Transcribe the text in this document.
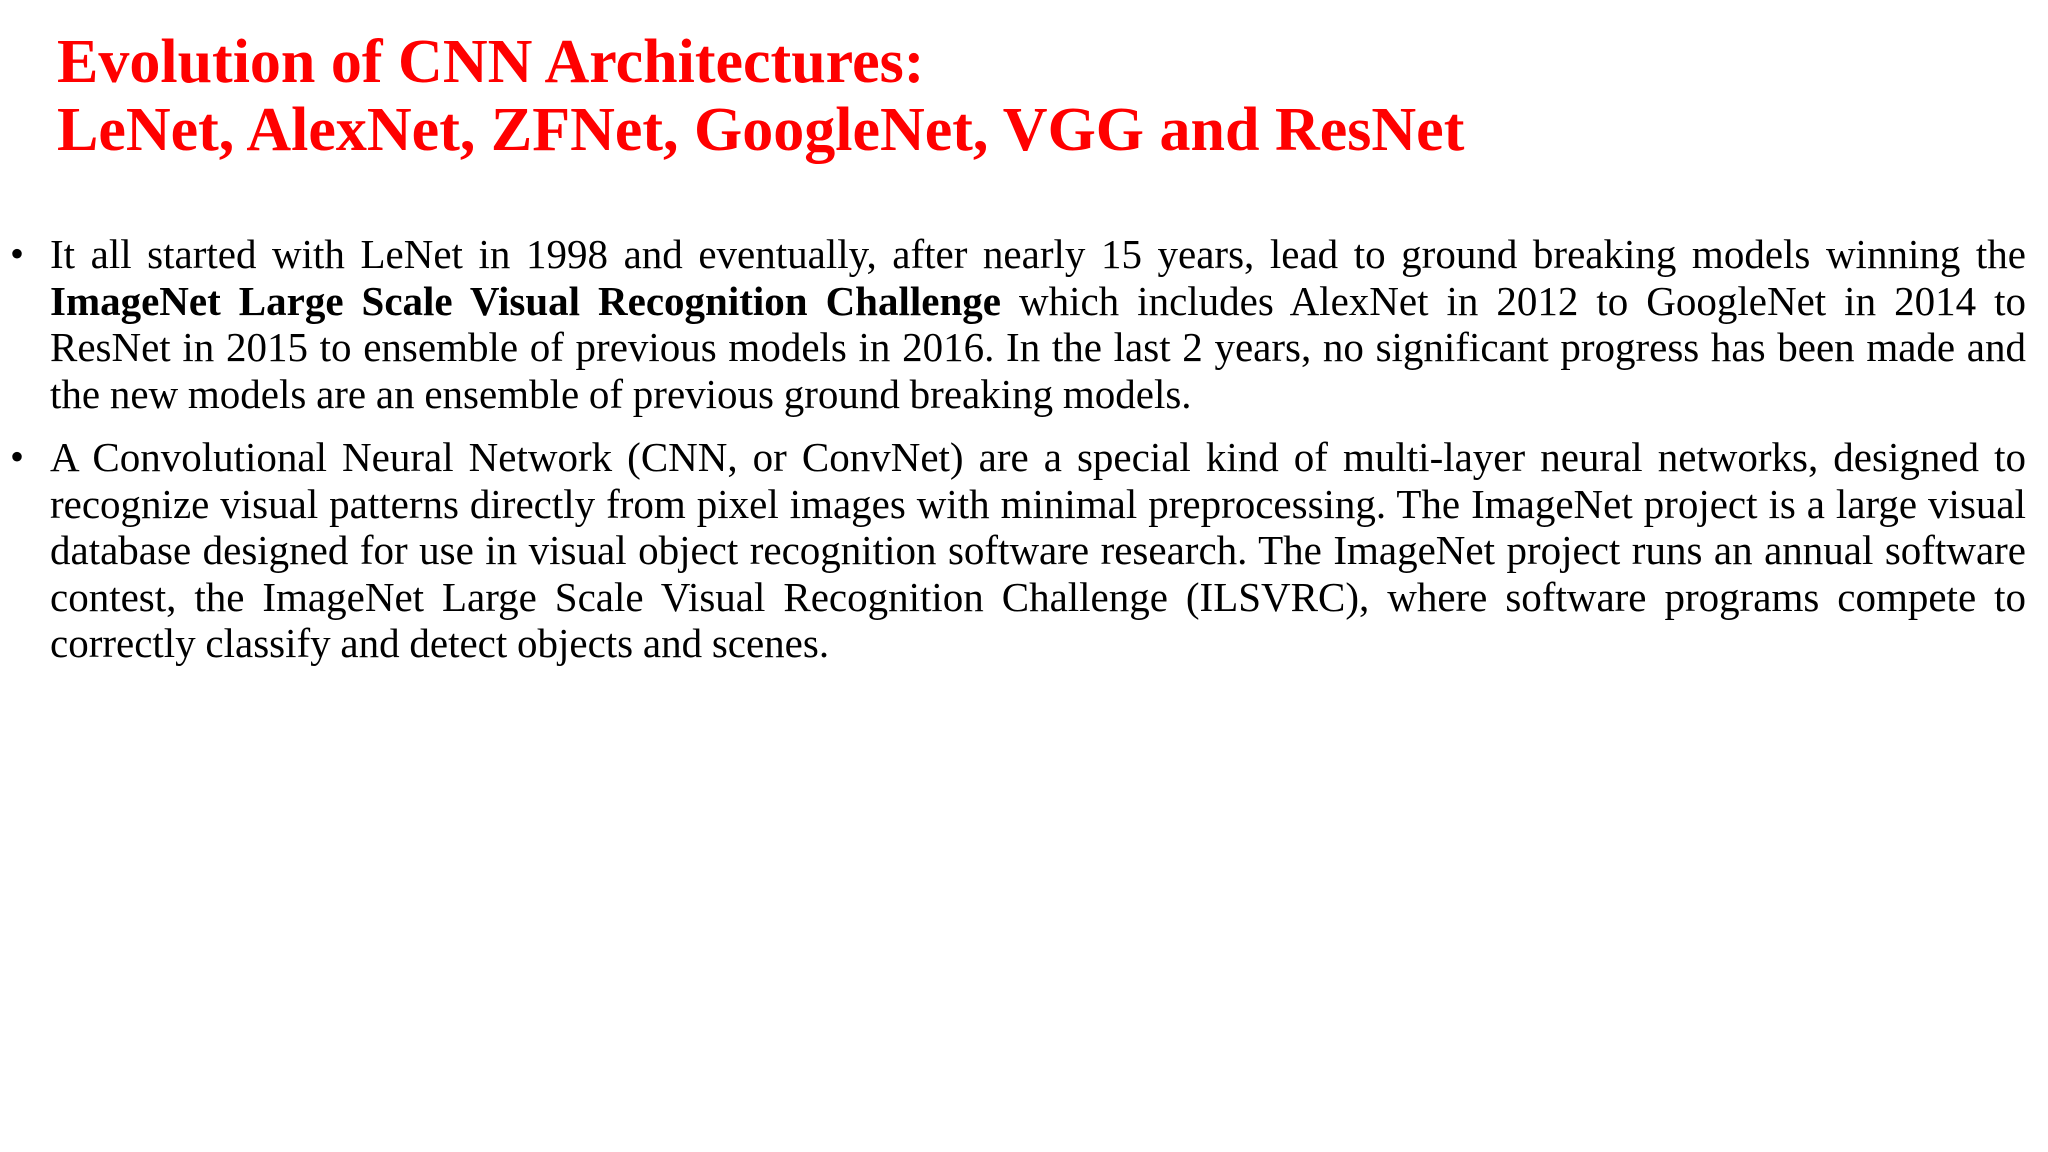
Evolution of CNN Architectures:
LeNet, AlexNet, ZFNet, GoogleNet, VGG and ResNet
• It all started with LeNet in 1998 and eventually, after nearly 15 years, lead to ground breaking models winning the ImageNet Large Scale Visual Recognition Challenge which includes AlexNet in 2012 to GoogleNet in 2014 to ResNet in 2015 to ensemble of previous models in 2016. In the last 2 years, no significant progress has been made and the new models are an ensemble of previous ground breaking models.
• A Convolutional Neural Network (CNN, or ConvNet) are a special kind of multi-layer neural networks, designed to recognize visual patterns directly from pixel images with minimal preprocessing. The ImageNet project is a large visual database designed for use in visual object recognition software research. The ImageNet project runs an annual software contest, the ImageNet Large Scale Visual Recognition Challenge (ILSVRC), where software programs compete to correctly classify and detect objects and scenes.
